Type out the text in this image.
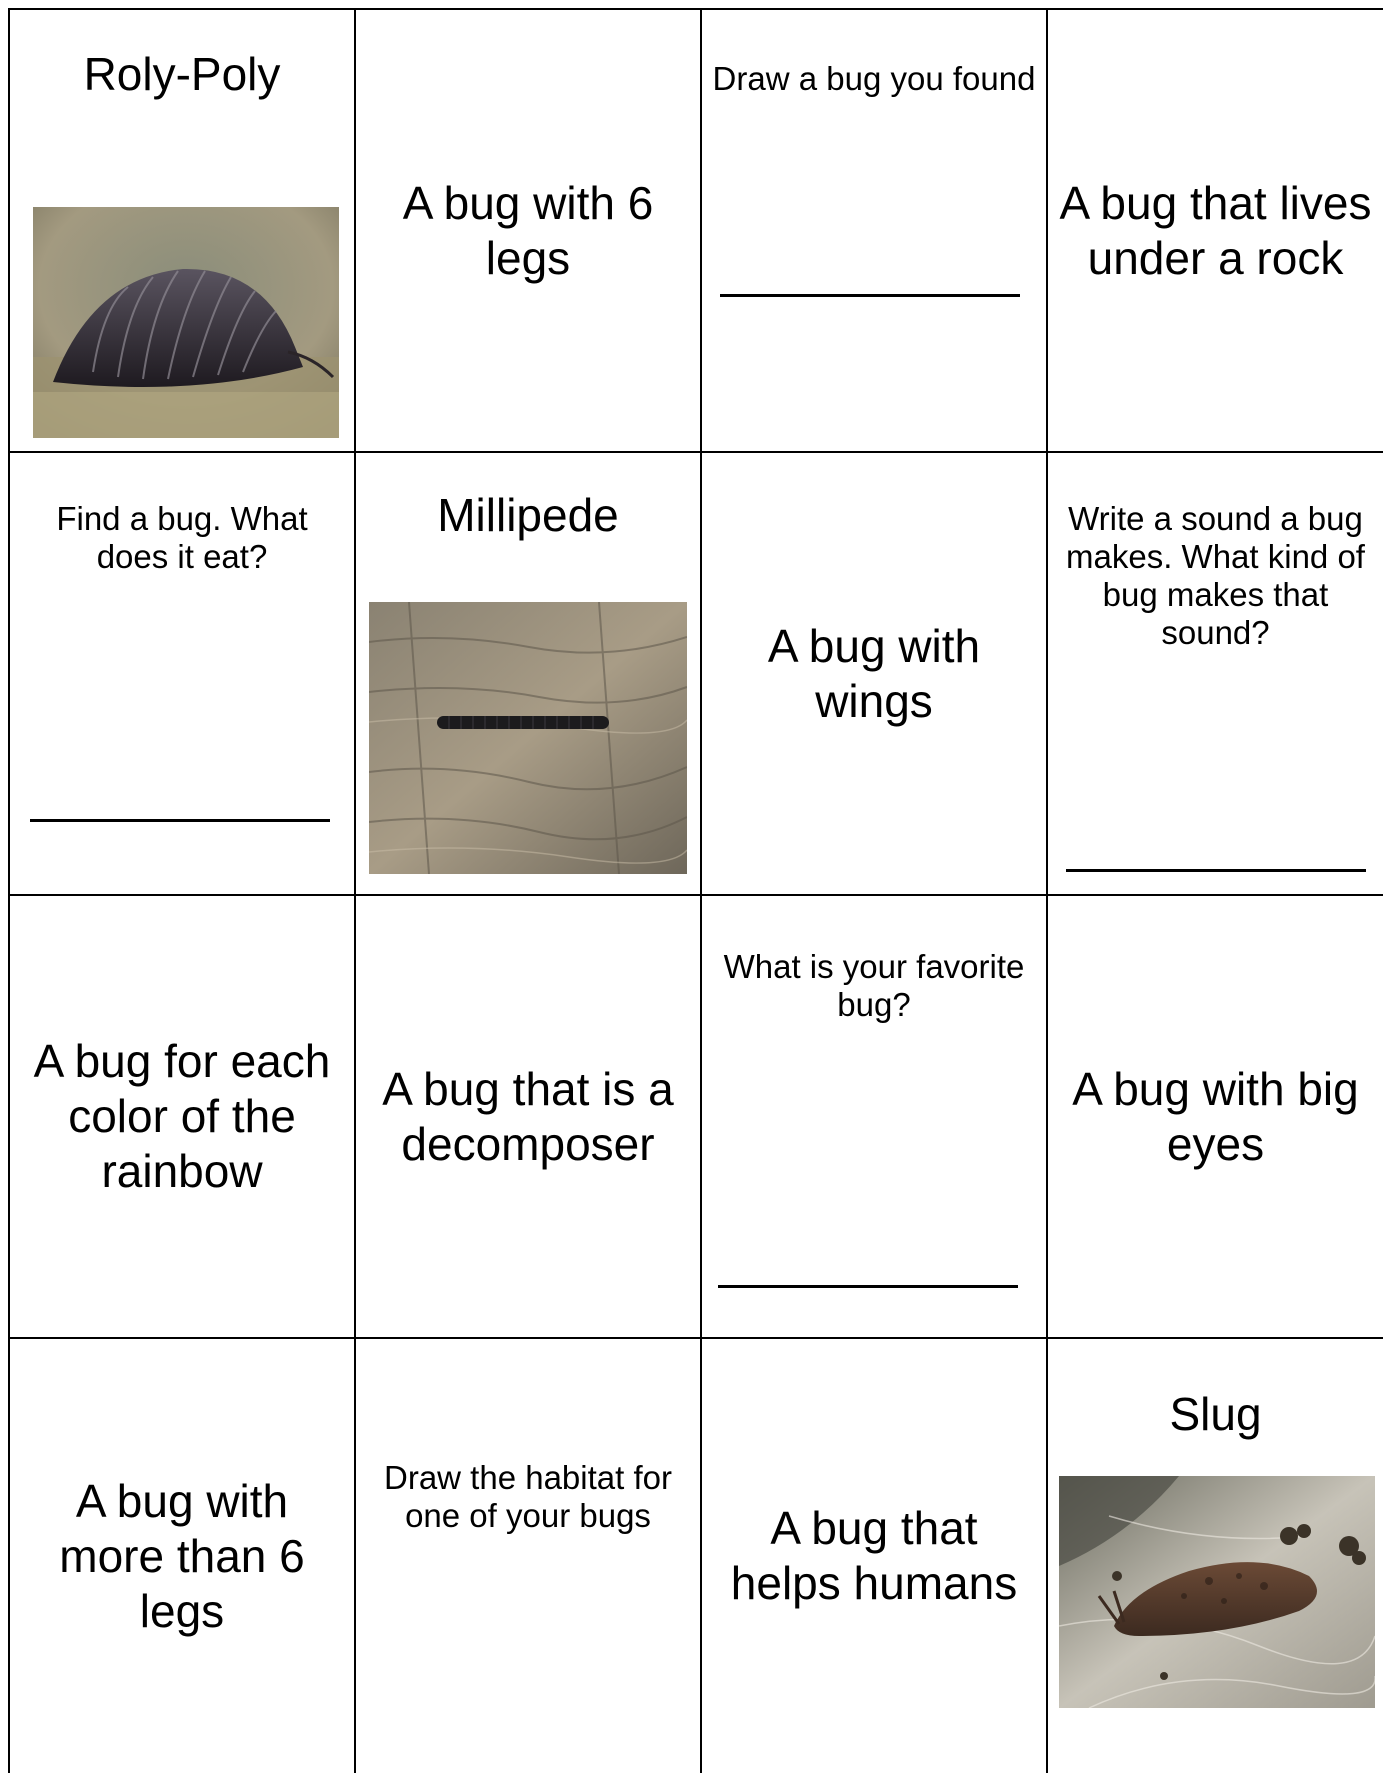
Roly-Poly
A bug with 6 legs
Draw a bug you found
A bug that lives under a rock
Find a bug. What does it eat?
Millipede
A bug with wings
Write a sound a bug makes. What kind of bug makes that sound?
A bug for each color of the rainbow
A bug that is a decomposer
What is your favorite bug?
A bug with big eyes
A bug with more than 6 legs
Draw the habitat for one of your bugs	A bug that helps humans
Slug
